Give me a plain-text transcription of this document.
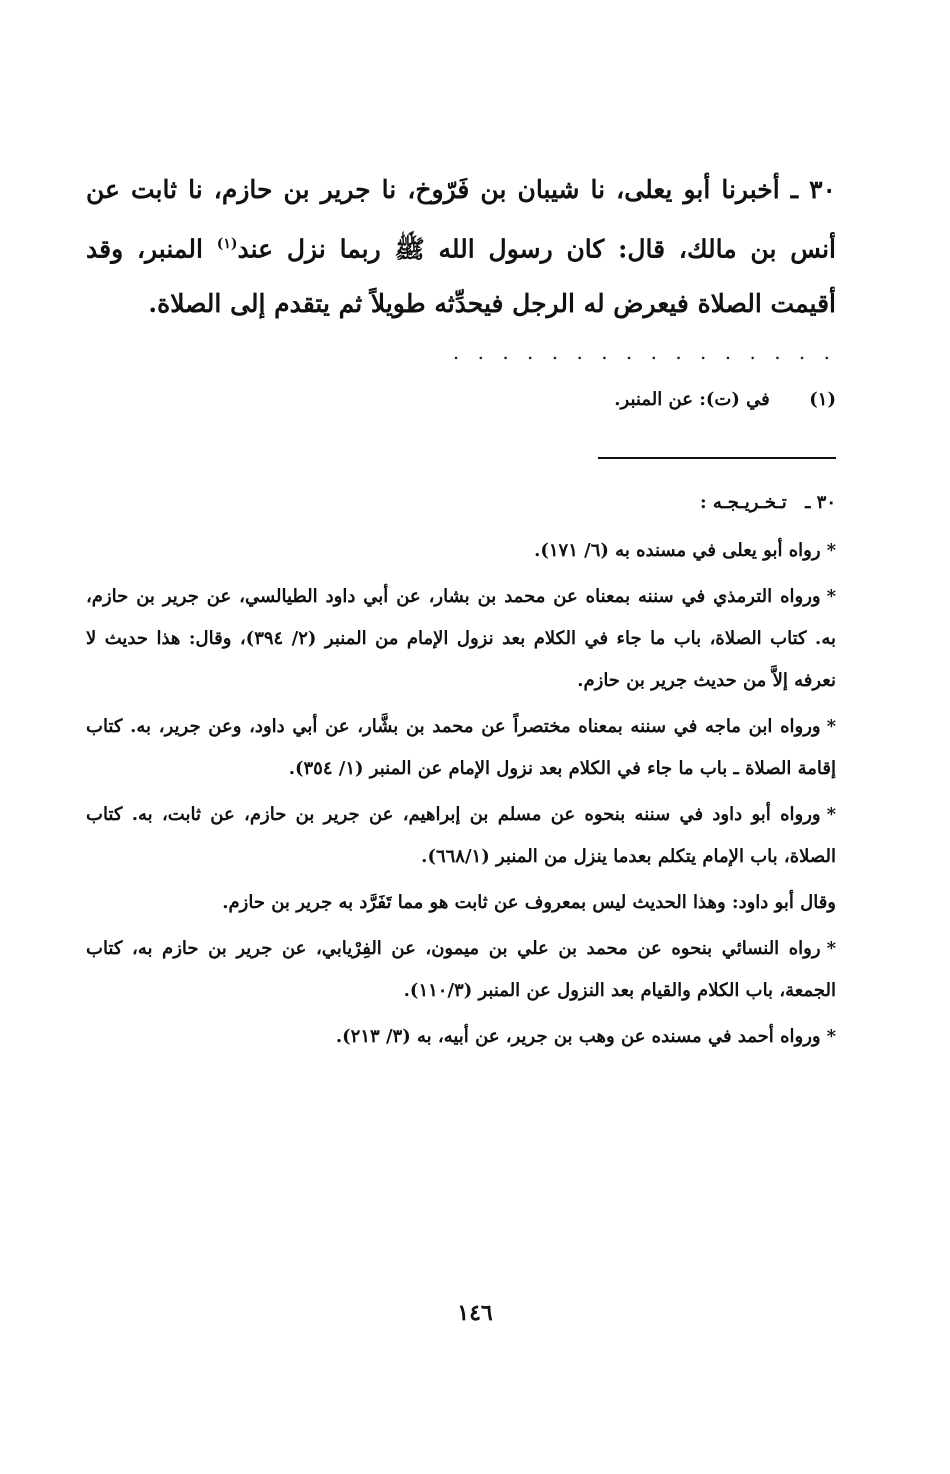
٣٠ ـ أخبرنا أبو يعلى، نا شيبان بن فَرّوخ، نا جرير بن حازم، نا ثابت عن أنس بن مالك، قال: كان رسول الله ﷺ ربما نزل عند$^{(١)}$ المنبر، وقد أقيمت الصلاة فيعرض له الرجل فيحدِّثه طويلاً ثم يتقدم إلى الصلاة.
. . . . . . . . . . . . . . . .
(١) في (ت): عن المنبر.
٣٠ ـ تـخـريـجـه :

*رواه أبو يعلى في مسنده به (٦/ ١٧١).

*ورواه الترمذي في سننه بمعناه عن محمد بن بشار، عن أبي داود الطيالسي، عن جرير بن حازم، به. كتاب الصلاة، باب ما جاء في الكلام بعد نزول الإمام من المنبر (٢/ ٣٩٤)، وقال: هذا حديث لا نعرفه إلاَّ من حديث جرير بن حازم.

*ورواه ابن ماجه في سننه بمعناه مختصراً عن محمد بن بشَّار، عن أبي داود، وعن جرير، به. كتاب إقامة الصلاة ـ باب ما جاء في الكلام بعد نزول الإمام عن المنبر (١/ ٣٥٤).

*ورواه أبو داود في سننه بنحوه عن مسلم بن إبراهيم، عن جرير بن حازم، عن ثابت، به. كتاب الصلاة، باب الإمام يتكلم بعدما ينزل من المنبر (٦٦٨/١).

وقال أبو داود: وهذا الحديث ليس بمعروف عن ثابت هو مما تَفَرَّد به جرير بن حازم.

*رواه النسائي بنحوه عن محمد بن علي بن ميمون، عن الفِرْيابي، عن جرير بن حازم به، كتاب الجمعة، باب الكلام والقيام بعد النزول عن المنبر (١١٠/٣).

*ورواه أحمد في مسنده عن وهب بن جرير، عن أبيه، به (٣/ ٢١٣).

١٤٦
